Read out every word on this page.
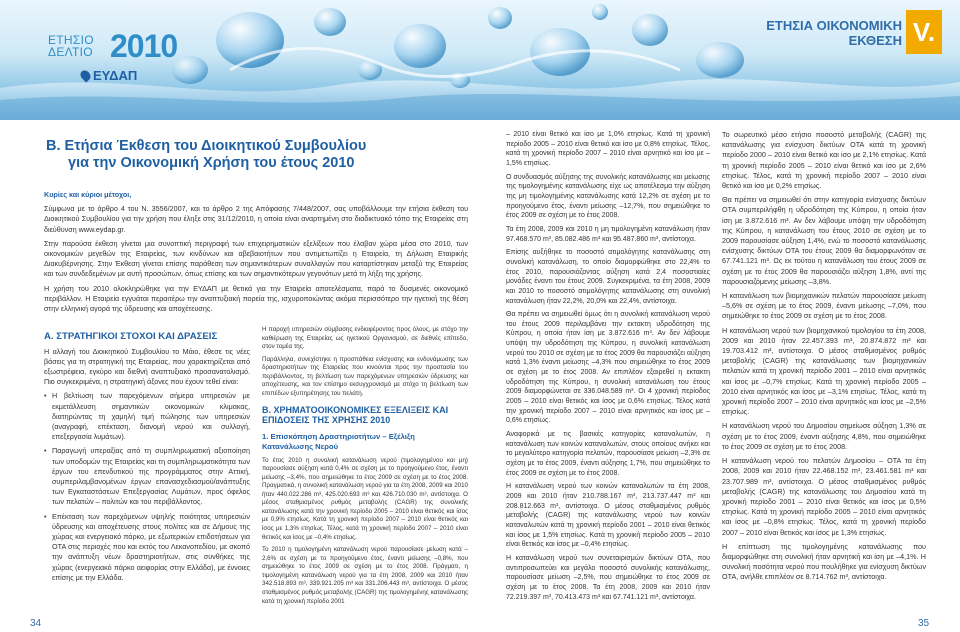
ΕΤΗΣΙΟ
ΔΕΛΤΙΟ 2010
ΕΥΔΑΠ
ΕΤΗΣΙΑ ΟΙΚΟΝΟΜΙΚΗ
ΕΚΘΕΣΗ V.
Β. Ετήσια Έκθεση του Διοικητικού Συμβουλίου
για την Οικονομική Χρήση του έτους 2010

Κυρίες και κύριοι μέτοχοι,

Σύμφωνα με το άρθρο 4 του Ν. 3556/2007, και το άρθρο 2 της Απόφασης 7/448/2007, σας υποβάλλουμε την ετήσια έκθεση του Διοικητικού Συμβουλίου για την χρήση που έληξε στις 31/12/2010, η οποία είναι αναρτημένη στο διαδικτυακό τόπο της Εταιρείας στη διεύθυνση www.eydap.gr.

Στην παρούσα έκθεση γίνεται μια συνοπτική περιγραφή των επιχειρηματικών εξελίξεων που έλαβαν χώρα μέσα στο 2010, των οικονομικών μεγεθών της Εταιρείας, των κινδύνων και αβεβαιοτήτων που αντιμετωπίζει η Εταιρεία, τη Δήλωση Εταιρικής Διακυβέρνησης. Στην Έκθεση γίνεται επίσης παράθεση των σημαντικότερων συναλλαγών που καταρτίστηκαν μεταξύ της Εταιρείας και των συνδεδεμένων με αυτή προσώπων, όπως επίσης και των σημαντικότερων γεγονότων μετά τη λήξη της χρήσης.

Η χρήση του 2010 ολοκληρώθηκε για την ΕΥΔΑΠ με θετικά για την Εταιρεία αποτελέσματα, παρά το δυσμενές οικονομικό περιβάλλον. Η Εταιρεία εγγυάται περαιτέρω την αναπτυξιακή πορεία της, ισχυροποιώντας ακόμα περισσότερο την ηγετική της θέση στην ελληνική αγορά της ύδρευσης και αποχέτευσης.

Α. ΣΤΡΑΤΗΓΙΚΟΙ ΣΤΟΧΟΙ ΚΑΙ ΔΡΑΣΕΙΣ

Η αλλαγή του Διοικητικού Συμβουλίου το Μάιο, έθεσε τις νέες βάσεις για τη στρατηγική της Εταιρείας, που χαρακτηρίζεται από εξωστρέφεια, εγκύρο και διεθνή αναπτυξιακό προσανατολισμό. Πιο συγκεκριμένα, η στρατηγική άξονες που έχουν τεθεί είναι:

• Η βελτίωση των παρεχόμενων σήμερα υπηρεσιών με εκμετάλλευση σημαντικών οικονομικών κλιμακας, διατηρώντας τη χαμηλή τιμή πώλησης των υπηρεσιών (αναγραφή, επέκταση, διανομή νερού και συλλογή, επεξεργασία λυμάτων).
• Παραγωγή υπεραξίας από τη συμπληρωματική αξιοποίηση των υποδομών της Εταιρείας και τη συμπληρωματικότητα των έργων του επενδυτικού της προγράμματος στην Αττική, συμπεριλαμβανομένων έργων επανασχεδιασμού/ανάπτυξης των Εγκαταστάσεων Επεξεργασίας Λυμάτων, προς όφελος των πελατών – πολιτών και του περιβάλλοντος.
• Επέκταση των παρεχόμενων υψηλής ποιότητας υπηρεσιών ύδρευσης και αποχέτευσης στους πολίτες και σε Δήμους της χώρας και ενεργειακό πάρκο, με εξωτερικών επιδοτήσεων για ΟΤΑ στις περιοχές που και εκτός του Λεκανοπεδίου, με σκοπό την ανάπτυξη νέων δραστηριοτήτων, στις συνθήκες της χώρας (ενεργειακό πάρκο αειφορίας στην Ελλάδα), με έννοιες επίσης με την Ελλάδα.

Η παροχή υπηρεσιών σύμβασης ενδιαφέροντος προς όλους, με στόχο την καθιέρωση της Εταιρείας ως ηγετικού Οργανισμού, σε διεθνές επίπεδο, στον τομέα της.

Παράλληλα, συνεχίστηκε η προσπάθεια ενίσχυσης και ενδυνάμωσης των δραστηριοτήτων της Εταιρείας που κινούνται προς την προστασία του περιβάλλοντος, τη βελτίωση των παρεχόμενων υπηρεσιών ύδρευσης και αποχέτευσης, και τον επίσημο εκσυγχρονισμό με στόχο τη βελτίωση των επιπέδων εξυπηρέτησης του πελάτη.

Β. ΧΡΗΜΑΤΟΟΙΚΟΝΟΜΙΚΕΣ ΕΞΕΛΙΞΕΙΣ ΚΑΙ ΕΠΙΔΟΣΕΙΣ ΤΗΣ ΧΡΗΣΗΣ 2010
1. Επισκόπηση Δραστηριοτήτων – Εξέλιξη Κατανάλωσης Νερού

Το έτος 2010 η συνολική κατανάλωση νερού (τιμολογημένου και μη) παρουσίασε αύξηση κατά 0,4% σε σχέση με το προηγούμενο έτος, έναντι μείωσης –3,4%, που σημειώθηκε το έτος 2009 σε σχέση με το έτος 2008. Πραγματικά, η συνολική κατανάλωση νερού για τα έτη 2008, 2009 και 2010 ήταν 440.022.286 m³, 425.020.693 m³ και 426.710.030 m³, αντίστοιχα. Ο μέσος σταθμισμένος ρυθμός μεταβολής (CAGR) της συνολικής κατανάλωσης κατά την χρονική περίοδο 2005 – 2010 είναι θετικός και ίσος με 0,9% ετησίως. Κατά τη χρονική περίοδο 2007 – 2010 είναι θετικός και ίσος με 1,3% ετησίως. Τέλος, κατά τη χρονική περίοδο 2007 – 2010 είναι θετικός και ίσος με –0,4% ετησίως.

Το 2010 η τιμολογημένη κατανάλωση νερού παρουσίασε μείωση κατά –2,6% σε σχέση με το προηγούμενο έτος, έναντι μείωσης –0,8%, που σημειώθηκε το έτος 2009 σε σχέση με το έτος 2008. Πράγματι, η τιμολογημένη κατανάλωση νερού για τα έτη 2008, 2009 και 2010 ήταν 342.518.893 m³, 339.921.205 m³ και 331.206.443 m³, αντίστοιχα. Ο μέσος σταθμισμένος ρυθμός μεταβολής (CAGR) της τιμολογημένης κατανάλωσης κατά τη χρονική περίοδο 2001

34

– 2010 είναι θετικό και ίσο με 1,0% ετησίως. Κατά τη χρονική περίοδο 2005 – 2010 είναι θετικό και ίσο με 0,8% ετησίως. Τέλος, κατά τη χρονική περίοδο 2007 – 2010 είναι αρνητικό και ίσο με –1,5% ετησίως.

Ο συνδυασμός αύξησης της συνολικής κατανάλωσης και μείωσης της τιμολογημένης κατανάλωσης είχε ως αποτέλεσμα την αύξηση της μη τιμολογημένης κατανάλωσης κατά 12,2% σε σχέση με το προηγούμενο έτος, έναντι μείωσης –12,7%, που σημειώθηκε το έτος 2009 σε σχέση με το έτος 2008.

Τα έτη 2008, 2009 και 2010 η μη τιμολογημένη κατανάλωση ήταν 97.468.570 m³, 85.082.486 m³ και 95.487.860 m³, αντίστοιχα.

Επίσης αυξήθηκε το ποσοστό ατιμολόγητης κατανάλωσης στη συνολική κατανάλωση, το οποίο διαμορφώθηκε στο 22,4% το έτος 2010, παρουσιάζοντας αύξηση κατά 2,4 ποσοστιαίες μονάδες έναντι του έτους 2009. Συγκεκριμένα, τα έτη 2008, 2009 και 2010 το ποσοστό ατιμολόγητης κατανάλωσης στη συνολική κατανάλωση ήταν 22,2%, 20,0% και 22,4%, αντίστοιχα.

Θα πρέπει να σημειωθεί όμως ότι η συνολική κατανάλωση νερού του έτους 2009 περιλαμβάνει την εκτακτη υδροδότηση της Κύπρου, η οποία ήταν ίση με 3.872.616 m³. Αν δεν λάβουμε υπόψη την υδροδότηση της Κύπρου, η συνολική κατανάλωση νερού του 2010 σε σχέση με το έτος 2009 θα παρουσιάζει αύξηση κατά 1,3% έναντι μείωσης –4,3% που σημειώθηκε το έτος 2009 σε σχέση με το έτος 2008. Αν επιπλέον εξαιρεθεί η εκτακτη υδροδότηση της Κύπρου, η συνολική κατανάλωση του έτους 2009 διαμορφώνεται σε 336.048.589 m³. Οι 4 χρονική περίοδος 2005 – 2010 είναι θετικός και ίσος με 0,6% ετησίως. Τέλος κατά την χρονική περίοδο 2007 – 2010 είναι αρνητικός και ίσος με –0,6% ετησίως.

Αναφορικά με τις βασικές κατηγορίες καταναλωτών, η κατανάλωση των κοινών καταναλωτών, στους οποίους ανήκει και το μεγαλύτερο κατηγορία πελατών, παρουσίασε μείωση –2,3% σε σχέση με το έτος 2009, έναντι αύξησης 1,7%, που σημειώθηκε το έτος 2009 σε σχέση με το έτος 2008.

Η κατανάλωση νερού των κοινών καταναλωτών τα έτη 2008, 2009 και 2010 ήταν 210.788.167 m³, 213.737.447 m³ και 208.812.663 m³, αντίστοιχα. Ο μέσος σταθμισμένος ρυθμός μεταβολής (CAGR) της κατανάλωσης νερού των κοινών καταναλωτών κατά τη χρονική περίοδο 2001 – 2010 είναι θετικός και ίσος με 1,5% ετησίως. Κατά τη χρονική περίοδο 2005 – 2010 είναι θετικός και ίσος με –0,4% ετησίως.

Η κατανάλωση νερού των συνεταιρισμών δικτύων ΟΤΑ, που αντιπροσωπεύει και μεγάλο ποσοστό συνολικής κατανάλωσης, παρουσίασε μείωση –2,5%, που σημειώθηκε το έτος 2009 σε σχέση με το έτος 2008. Τα έτη 2008, 2009 και 2010 ήταν 72.219.397 m³, 70.413.473 m³ και 67.741.121 m³, αντίστοιχα.

Το σωρευτικό μέσο ετήσιο ποσοστό μεταβολής (CAGR) της κατανάλωσης για ενίσχυση δικτύων ΟΤΑ κατά τη χρονική περίοδο 2000 – 2010 είναι θετικό και ίσο με 2,1% ετησίως. Κατά τη χρονική περίοδο 2005 – 2010 είναι θετικό και ίσο με 2,6% ετησίως. Τέλος, κατά τη χρονική περίοδο 2007 – 2010 είναι θετικό και ίσο με 0,2% ετησίως.

Θα πρέπει να σημειωθεί ότι στην κατηγορία ενίσχυσης δικτύων ΟΤΑ συμπεριλήφθη η υδροδότηση της Κύπρου, η οποία ήταν ίση με 3.872.616 m³. Αν δεν λάβουμε υπόψη την υδροδότηση της Κύπρου, η κατανάλωση του έτους 2010 σε σχέση με το 2009 παρουσίασε αύξηση 1,4%, ενώ το ποσοστό κατανάλωσης ενίσχυσης δικτύων ΟΤΑ του έτους 2009 θα διαμορφωνόταν σε 67.741.121 m³. Ως εκ τούτου η κατανάλωση του έτους 2009 σε σχέση με το έτος 2009 θα παρουσιάζει αύξηση 1,8%, αντί της παρουσιαζόμενης μείωσης –3,8%.

Η κατανάλωση των βιομηχανικών πελατών παρουσίασε μείωση –5,6% σε σχέση με το έτος 2009, έναντι μείωσης –7,0%, που σημειώθηκε το έτος 2009 σε σχέση με το έτος 2008.

Η κατανάλωση νερού των βιομηχανικού τιμολογίου τα έτη 2008, 2009 και 2010 ήταν 22.457.393 m³, 20.874.872 m³ και 19.703.412 m³, αντίστοιχα. Ο μέσος σταθμισμένος ρυθμός μεταβολής (CAGR) της κατανάλωσης των βιομηχανικών πελατών κατά τη χρονική περίοδο 2001 – 2010 είναι αρνητικός και ίσος με –0,7% ετησίως. Κατά τη χρονική περίοδο 2005 – 2010 είναι αρνητικός και ίσος με –3,1% ετησίως. Τέλος, κατά τη χρονική περίοδο 2007 – 2010 είναι αρνητικός και ίσος με –2,5% ετησίως.

Η κατανάλωση νερού του Δημοσίου σημείωσε αύξηση 1,3% σε σχέση με το έτος 2009, έναντι αύξησης 4,8%, που σημειώθηκε το έτος 2009 σε σχέση με το έτος 2008.

Η κατανάλωση νερού του πελατών Δημοσίου – ΟΤΑ τα έτη 2008, 2009 και 2010 ήταν 22.468.152 m³, 23.461.581 m³ και 23.707.989 m³, αντίστοιχα. Ο μέσος σταθμισμένος ρυθμός μεταβολής (CAGR) της κατανάλωσης του Δημοσίου κατά τη χρονική περίοδο 2001 – 2010 είναι θετικός και ίσος με 0,5% ετησίως. Κατά τη χρονική περίοδο 2005 – 2010 είναι αρνητικός και ίσος με –0,8% ετησίως. Τέλος, κατά τη χρονική περίοδο 2007 – 2010 είναι θετικός και ίσος με 1,3% ετησίως.

Η επίπτωση της τιμολογημένης κατανάλωσης που διαμορφώθηκε στη συνολική ήταν αρνητική και ίση με –4,1%. Η συνολική ποσότητα νερού που πουλήθηκε για ενίσχυση δικτύων ΟΤΑ, ανήλθε επιπλέον σε 8.714.762 m³, αντίστοιχα.

35
